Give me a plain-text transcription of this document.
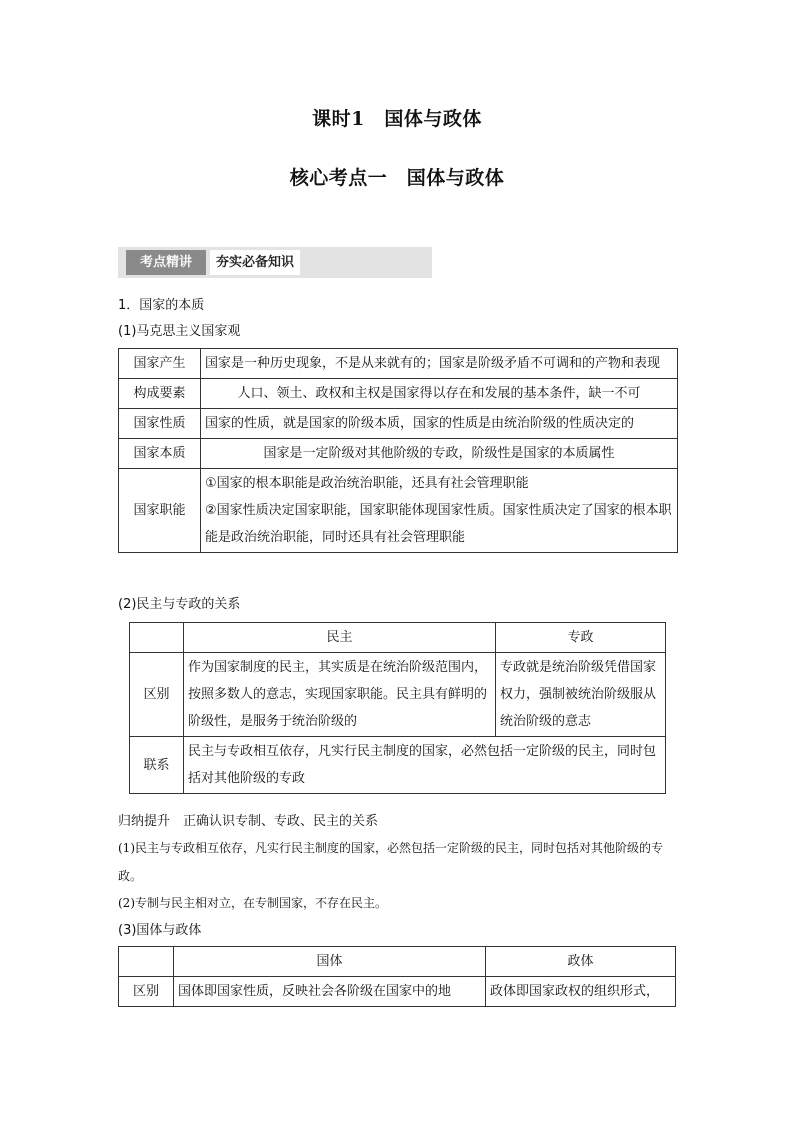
课时1　国体与政体
核心考点一　国体与政体
考点精讲	夯实必备知识
1．国家的本质
(1)马克思主义国家观
国家产生	国家是一种历史现象，不是从来就有的；国家是阶级矛盾不可调和的产物和表现
构成要素	人口、领土、政权和主权是国家得以存在和发展的基本条件，缺一不可
国家性质	国家的性质，就是国家的阶级本质，国家的性质是由统治阶级的性质决定的
国家本质	国家是一定阶级对其他阶级的专政，阶级性是国家的本质属性
国家职能	①国家的根本职能是政治统治职能，还具有社会管理职能
②国家性质决定国家职能，国家职能体现国家性质。国家性质决定了国家的根本职能是政治统治职能，同时还具有社会管理职能
(2)民主与专政的关系
	民主	专政
区别	作为国家制度的民主，其实质是在统治阶级范围内，按照多数人的意志，实现国家职能。民主具有鲜明的阶级性，是服务于统治阶级的	专政就是统治阶级凭借国家权力，强制被统治阶级服从统治阶级的意志
联系	民主与专政相互依存，凡实行民主制度的国家，必然包括一定阶级的民主，同时包括对其他阶级的专政	
归纳提升　正确认识专制、专政、民主的关系
(1)民主与专政相互依存，凡实行民主制度的国家，必然包括一定阶级的民主，同时包括对其他阶级的专政。
(2)专制与民主相对立，在专制国家，不存在民主。
(3)国体与政体
	国体	政体
区别	国体即国家性质，反映社会各阶级在国家中的地	政体即国家政权的组织形式，
